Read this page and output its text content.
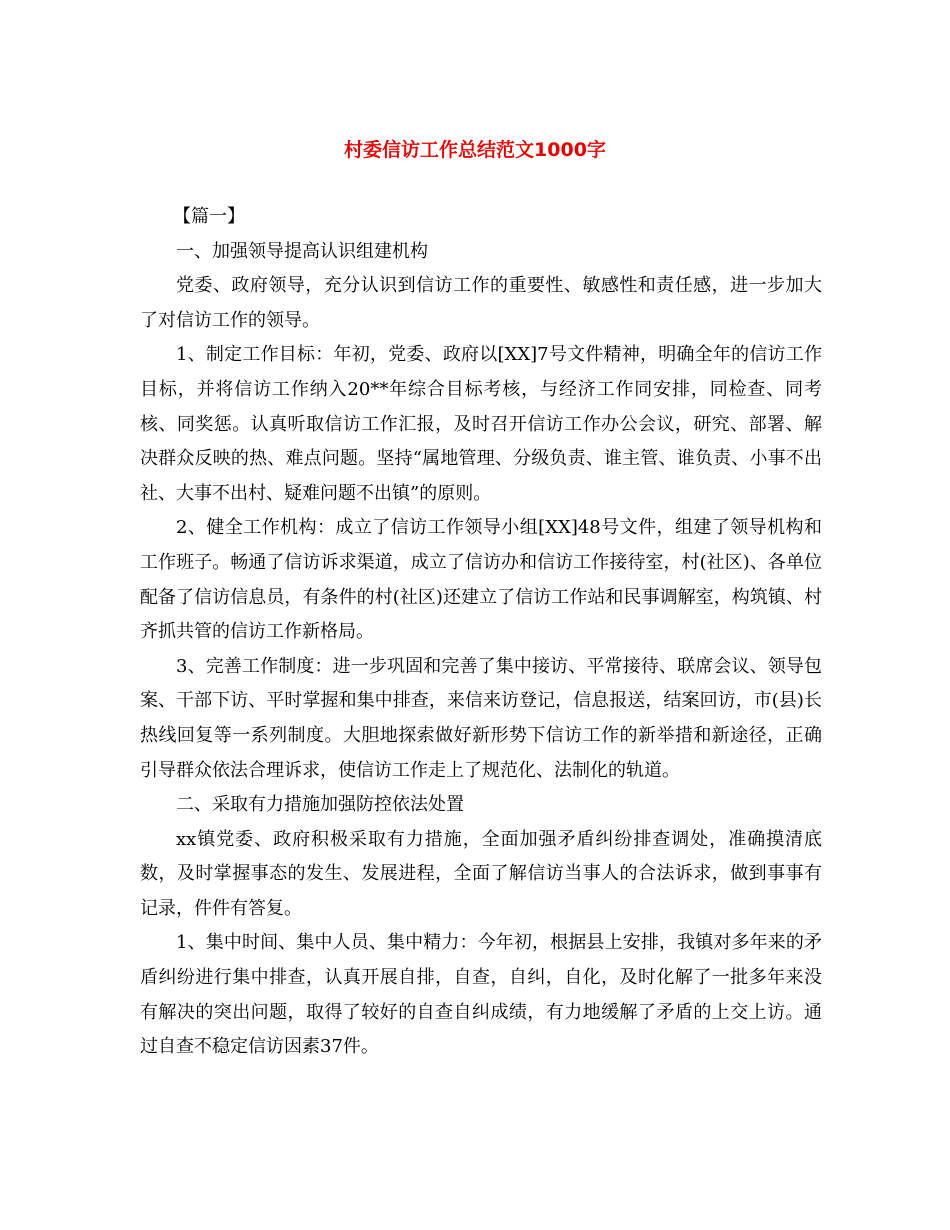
村委信访工作总结范文1000字

【篇一】

一、加强领导提高认识组建机构

党委、政府领导，充分认识到信访工作的重要性、敏感性和责任感，进一步加大了对信访工作的领导。

1、制定工作目标：年初，党委、政府以[XX]7号文件精神，明确全年的信访工作目标，并将信访工作纳入20**年综合目标考核，与经济工作同安排，同检查、同考核、同奖惩。认真听取信访工作汇报，及时召开信访工作办公会议，研究、部署、解决群众反映的热、难点问题。坚持“属地管理、分级负责、谁主管、谁负责、小事不出社、大事不出村、疑难问题不出镇”的原则。

2、健全工作机构：成立了信访工作领导小组[XX]48号文件，组建了领导机构和工作班子。畅通了信访诉求渠道，成立了信访办和信访工作接待室，村(社区)、各单位配备了信访信息员，有条件的村(社区)还建立了信访工作站和民事调解室，构筑镇、村齐抓共管的信访工作新格局。

3、完善工作制度：进一步巩固和完善了集中接访、平常接待、联席会议、领导包案、干部下访、平时掌握和集中排查，来信来访登记，信息报送，结案回访，市(县)长热线回复等一系列制度。大胆地探索做好新形势下信访工作的新举措和新途径，正确引导群众依法合理诉求，使信访工作走上了规范化、法制化的轨道。

二、采取有力措施加强防控依法处置

xx镇党委、政府积极采取有力措施，全面加强矛盾纠纷排查调处，准确摸清底数，及时掌握事态的发生、发展进程，全面了解信访当事人的合法诉求，做到事事有记录，件件有答复。

1、集中时间、集中人员、集中精力：今年初，根据县上安排，我镇对多年来的矛盾纠纷进行集中排查，认真开展自排，自查，自纠，自化，及时化解了一批多年来没有解决的突出问题，取得了较好的自查自纠成绩，有力地缓解了矛盾的上交上访。通过自查不稳定信访因素37件。
